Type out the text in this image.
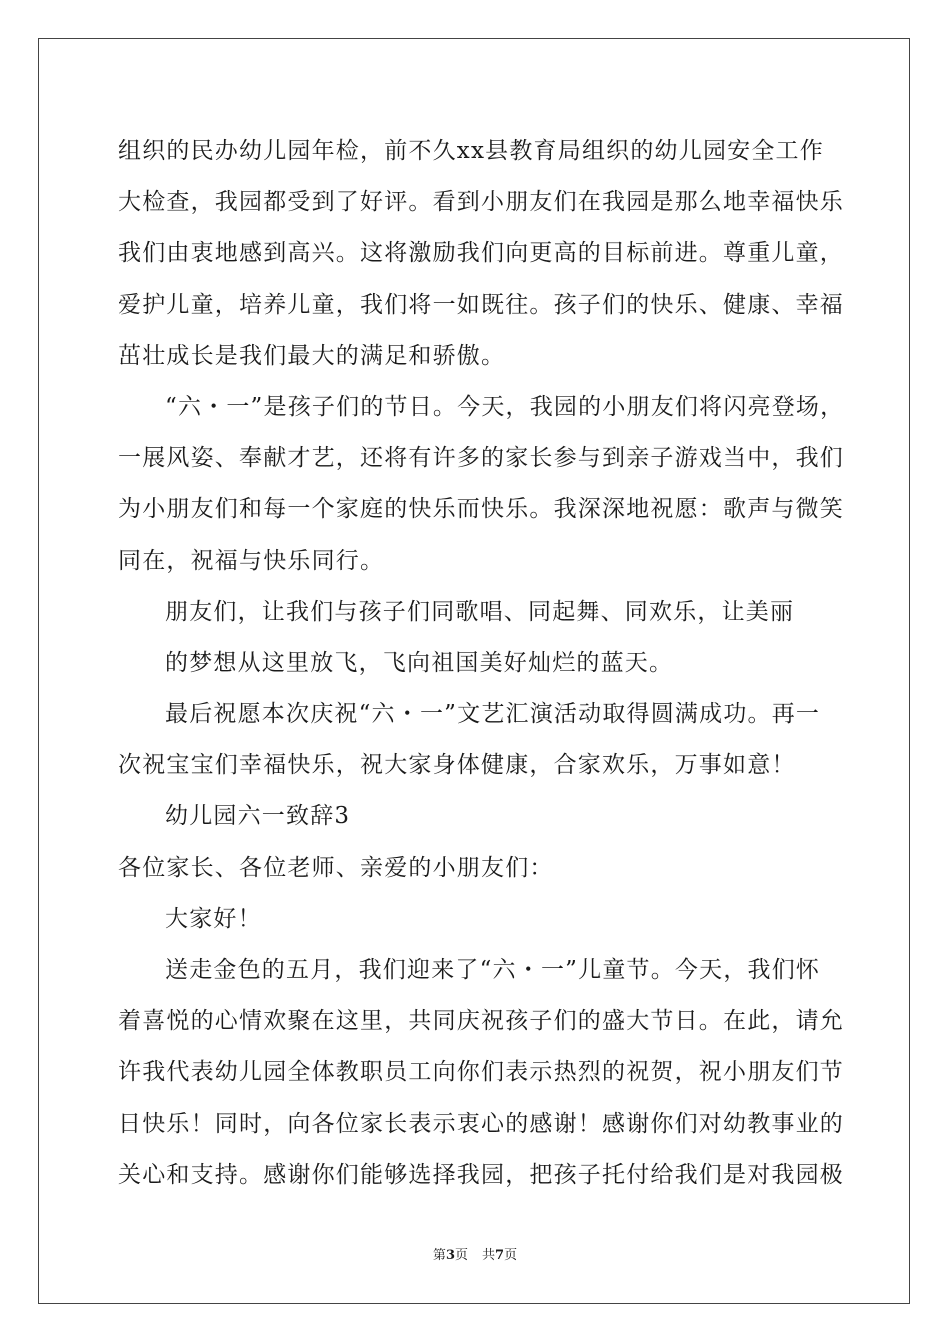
组织的民办幼儿园年检，前不久xx县教育局组织的幼儿园安全工作
大检查，我园都受到了好评。看到小朋友们在我园是那么地幸福快乐
我们由衷地感到高兴。这将激励我们向更高的目标前进。尊重儿童，
爱护儿童，培养儿童，我们将一如既往。孩子们的快乐、健康、幸福
茁壮成长是我们最大的满足和骄傲。
“六・一”是孩子们的节日。今天，我园的小朋友们将闪亮登场，
一展风姿、奉献才艺，还将有许多的家长参与到亲子游戏当中，我们
为小朋友们和每一个家庭的快乐而快乐。我深深地祝愿：歌声与微笑
同在，祝福与快乐同行。
朋友们，让我们与孩子们同歌唱、同起舞、同欢乐，让美丽
的梦想从这里放飞，飞向祖国美好灿烂的蓝天。
最后祝愿本次庆祝“六・一”文艺汇演活动取得圆满成功。再一
次祝宝宝们幸福快乐，祝大家身体健康，合家欢乐，万事如意！
幼儿园六一致辞3
各位家长、各位老师、亲爱的小朋友们：
大家好！
送走金色的五月，我们迎来了“六・一”儿童节。今天，我们怀
着喜悦的心情欢聚在这里，共同庆祝孩子们的盛大节日。在此，请允
许我代表幼儿园全体教职员工向你们表示热烈的祝贺，祝小朋友们节
日快乐！同时，向各位家长表示衷心的感谢！感谢你们对幼教事业的
关心和支持。感谢你们能够选择我园，把孩子托付给我们是对我园极
第3页 共7页
